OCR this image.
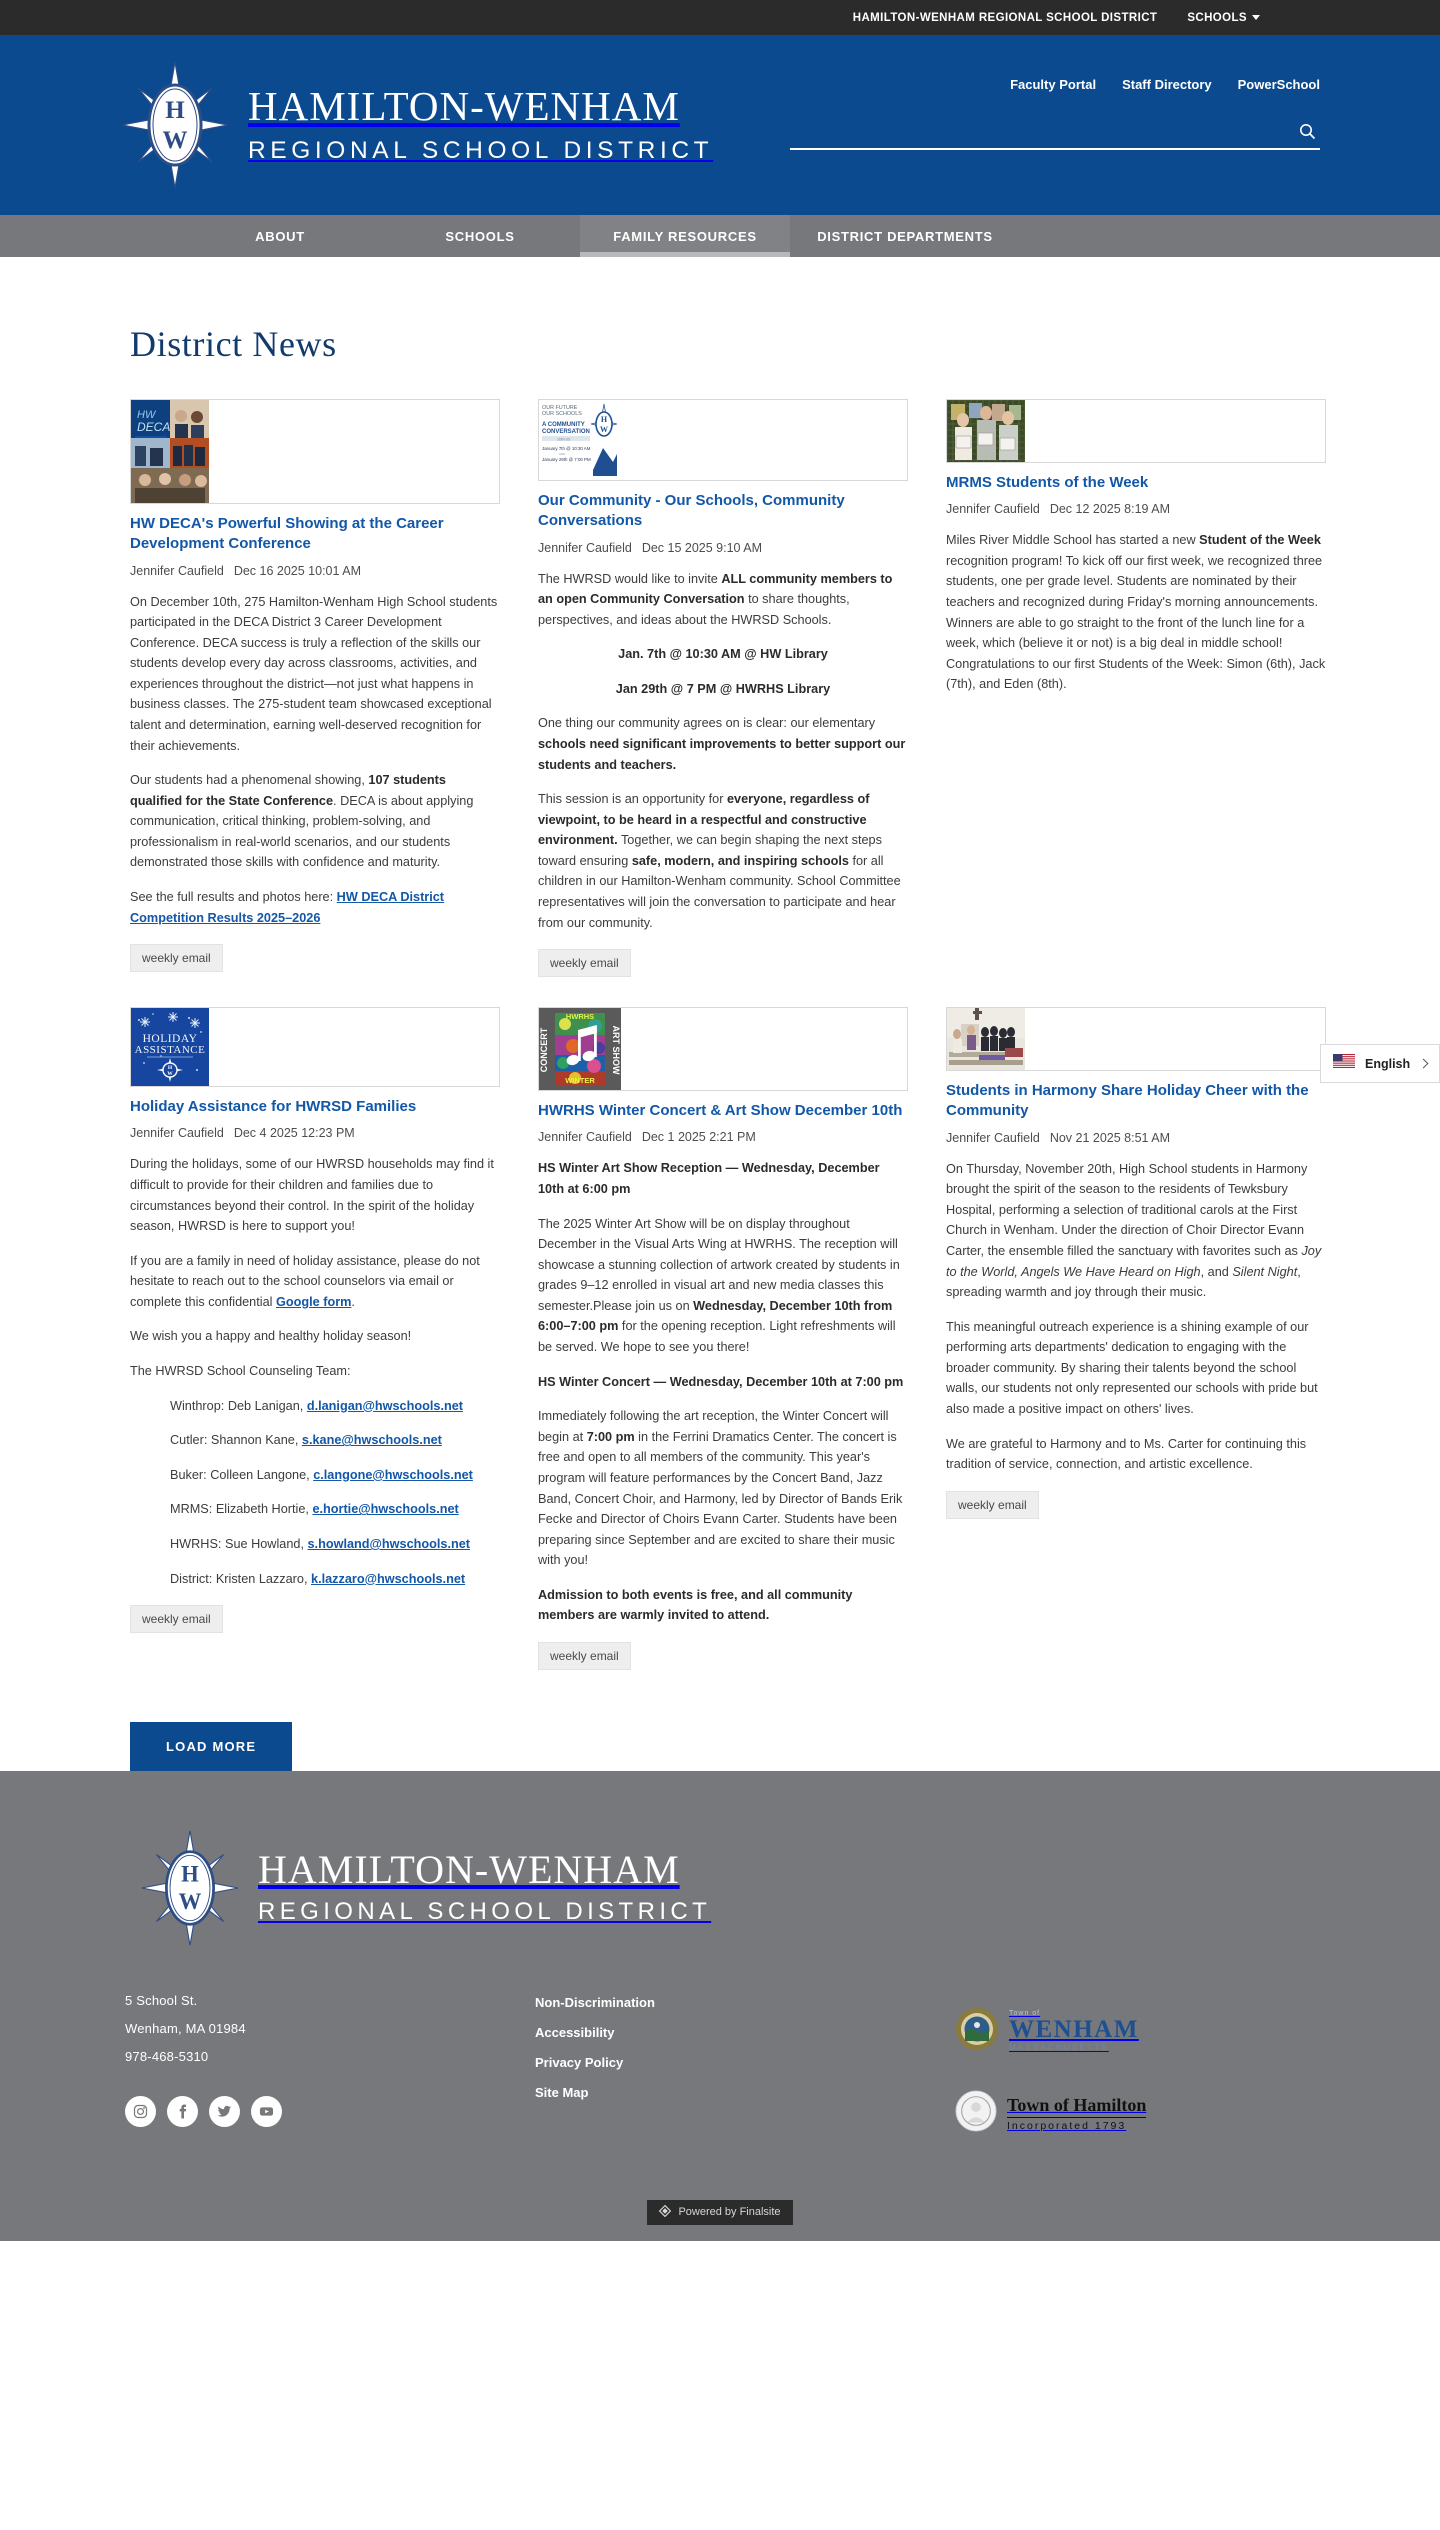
HAMILTON-WENHAM REGIONAL SCHOOL DISTRICT	SCHOOLS
H
W
HAMILTON-WENHAM
REGIONAL SCHOOL DISTRICT
Faculty Portal Staff Directory PowerSchool
ABOUT	SCHOOLS	FAMILY RESOURCES	DISTRICT DEPARTMENTS
District News
HW
DECA
HW DECA's Powerful Showing at the Career Development Conference
Jennifer Caufield Dec 16 2025 10:01 AM

On December 10th, 275 Hamilton-Wenham High School students participated in the DECA District 3 Career Development Conference. DECA success is truly a reflection of the skills our students develop every day across classrooms, activities, and experiences throughout the district—not just what happens in business classes. The 275-student team showcased exceptional talent and determination, earning well-deserved recognition for their achievements.

Our students had a phenomenal showing, 107 students qualified for the State Conference. DECA is about applying communication, critical thinking, problem-solving, and professionalism in real-world scenarios, and our students demonstrated those skills with confidence and maturity.

See the full results and photos here: HW DECA District Competition Results 2025–2026

weekly email
OUR FUTURE
OUR SCHOOLS
A COMMUNITY
CONVERSATION
JOIN US
January 7th @ 10:30 AM
AND
January 29th @ 7:00 PM
H
W
Our Community - Our Schools, Community Conversations
Jennifer Caufield Dec 15 2025 9:10 AM

The HWRSD would like to invite ALL community members to an open Community Conversation to share thoughts, perspectives, and ideas about the HWRSD Schools.

Jan. 7th @ 10:30 AM @ HW Library

Jan 29th @ 7 PM @ HWRHS Library

One thing our community agrees on is clear: our elementary schools need significant improvements to better support our students and teachers.

This session is an opportunity for everyone, regardless of viewpoint, to be heard in a respectful and constructive environment. Together, we can begin shaping the next steps toward ensuring safe, modern, and inspiring schools for all children in our Hamilton-Wenham community. School Committee representatives will join the conversation to participate and hear from our community.

weekly email
MRMS Students of the Week
Jennifer Caufield Dec 12 2025 8:19 AM

Miles River Middle School has started a new Student of the Week recognition program! To kick off our first week, we recognized three students, one per grade level. Students are nominated by their teachers and recognized during Friday's morning announcements. Winners are able to go straight to the front of the lunch line for a week, which (believe it or not) is a big deal in middle school! Congratulations to our first Students of the Week: Simon (6th), Jack (7th), and Eden (8th).

HOLIDAY
ASSISTANCE
H
W
Holiday Assistance for HWRSD Families
Jennifer Caufield Dec 4 2025 12:23 PM

During the holidays, some of our HWRSD households may find it difficult to provide for their children and families due to circumstances beyond their control. In the spirit of the holiday season, HWRSD is here to support you!

If you are a family in need of holiday assistance, please do not hesitate to reach out to the school counselors via email or complete this confidential Google form.

We wish you a happy and healthy holiday season!

The HWRSD School Counseling Team:

Winthrop: Deb Lanigan, d.lanigan@hwschools.net

Cutler: Shannon Kane, s.kane@hwschools.net

Buker: Colleen Langone, c.langone@hwschools.net

MRMS: Elizabeth Hortie, e.hortie@hwschools.net

HWRHS: Sue Howland, s.howland@hwschools.net

District: Kristen Lazzaro, k.lazzaro@hwschools.net

weekly email
CONCERT	ART SHOW
HWRHS
WINTER
HWRHS Winter Concert & Art Show December 10th
Jennifer Caufield Dec 1 2025 2:21 PM

HS Winter Art Show Reception — Wednesday, December 10th at 6:00 pm

The 2025 Winter Art Show will be on display throughout December in the Visual Arts Wing at HWRHS. The reception will showcase a stunning collection of artwork created by students in grades 9–12 enrolled in visual art and new media classes this semester.Please join us on Wednesday, December 10th from 6:00–7:00 pm for the opening reception. Light refreshments will be served. We hope to see you there!

HS Winter Concert — Wednesday, December 10th at 7:00 pm

Immediately following the art reception, the Winter Concert will begin at 7:00 pm in the Ferrini Dramatics Center. The concert is free and open to all members of the community. This year's program will feature performances by the Concert Band, Jazz Band, Concert Choir, and Harmony, led by Director of Bands Erik Fecke and Director of Choirs Evann Carter. Students have been preparing since September and are excited to share their music with you!

Admission to both events is free, and all community members are warmly invited to attend.

weekly email
Students in Harmony Share Holiday Cheer with the Community
Jennifer Caufield Nov 21 2025 8:51 AM

On Thursday, November 20th, High School students in Harmony brought the spirit of the season to the residents of Tewksbury Hospital, performing a selection of traditional carols at the First Church in Wenham. Under the direction of Choir Director Evann Carter, the ensemble filled the sanctuary with favorites such as Joy to the World, Angels We Have Heard on High, and Silent Night, spreading warmth and joy through their music.

This meaningful outreach experience is a shining example of our performing arts departments' dedication to engaging with the broader community. By sharing their talents beyond the school walls, our students not only represented our schools with pride but also made a positive impact on others' lives.

We are grateful to Harmony and to Ms. Carter for continuing this tradition of service, connection, and artistic excellence.

weekly email
LOAD MORE
English
H
W
HAMILTON-WENHAM
REGIONAL SCHOOL DISTRICT
5 School St.
Wenham, MA 01984
978-468-5310
Non-Discrimination
Accessibility
Privacy Policy
Site Map
Town of
WENHAM
MASSACHUSETTS
Town of Hamilton
Incorporated 1793
Powered by Finalsite
